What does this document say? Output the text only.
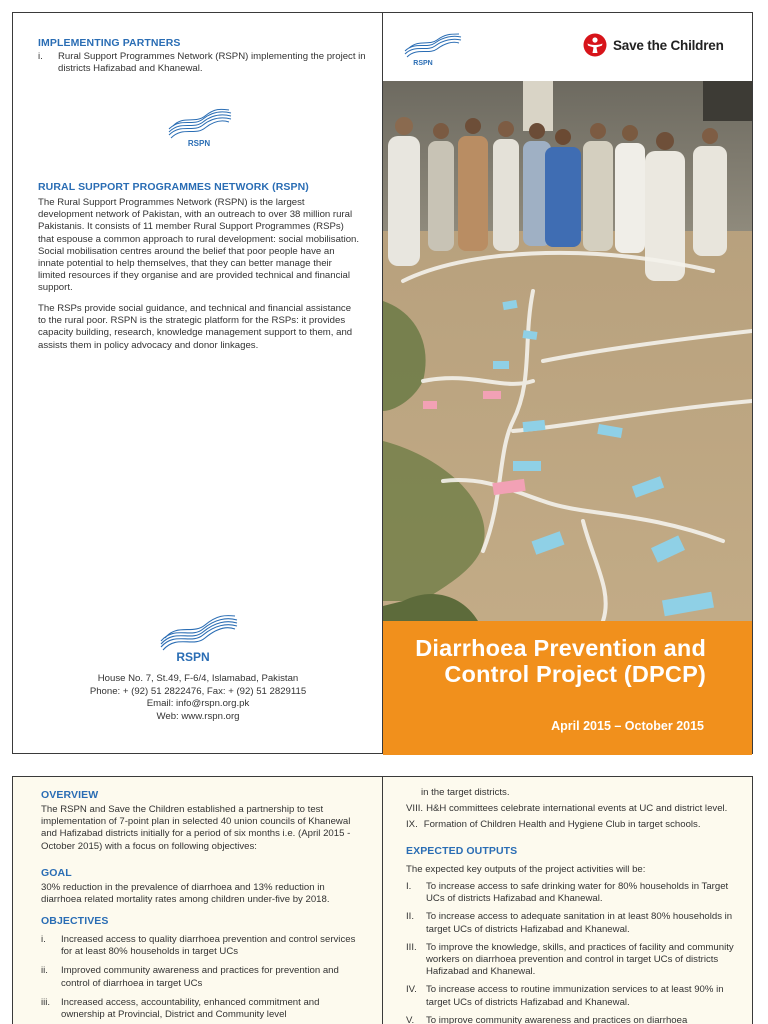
IMPLEMENTING PARTNERS
i.	Rural Support Programmes Network (RSPN) implementing the project in districts Hafizabad and Khanewal.
RSPN
RURAL SUPPORT PROGRAMMES NETWORK (RSPN)

The Rural Support Programmes Network (RSPN) is the largest development network of Pakistan, with an outreach to over 38 million rural Pakistanis. It consists of 11 member Rural Support Programmes (RSPs) that espouse a common approach to rural development: social mobilisation. Social mobilisation centres around the belief that poor people have an innate potential to help themselves, that they can better manage their limited resources if they organise and are provided technical and financial support.

The RSPs provide social guidance, and technical and financial assistance to the rural poor. RSPN is the strategic platform for the RSPs: it provides capacity building, research, knowledge management support to them, and assists them in policy advocacy and donor linkages.

RSPN
House No. 7, St.49, F-6/4, Islamabad, Pakistan
Phone: + (92) 51 2822476, Fax: + (92) 51 2829115
Email: info@rspn.org.pk
Web: www.rspn.org
RSPN
Save the Children
Diarrhoea Prevention and Control Project (DPCP)
April 2015 – October 2015
OVERVIEW

The RSPN and Save the Children established a partnership to test implementation of 7-point plan in selected 40 union councils of Khanewal and Hafizabad districts initially for a period of six months i.e. (April 2015 -October 2015) with a focus on following objectives:

GOAL

30% reduction in the prevalence of diarrhoea and 13% reduction in diarrhoea related mortality rates among children under-five by 2018.

OBJECTIVES
i.	Increased access to quality diarrhoea prevention and control services for at least 80% households in target UCs
ii.	Improved community awareness and practices for prevention and control of diarrhoea in target UCs
iii.	Increased access, accountability, enhanced commitment and ownership at Provincial, District and Community level

in the target districts.

VIII. H&H committees celebrate international events at UC and district level.
IX. Formation of Children Health and Hygiene Club in target schools.
EXPECTED OUTPUTS

The expected key outputs of the project activities will be:

I.	To increase access to safe drinking water for 80% households in Target UCs of districts Hafizabad and Khanewal.
II.	To increase access to adequate sanitation in at least 80% households in target UCs of districts Hafizabad and Khanewal.
III. To improve the knowledge, skills, and practices of facility and community workers on diarrhoea prevention and control in target UCs of districts Hafizabad and Khanewal.
IV. To increase access to routine immunization services to at least 90% in target UCs of districts Hafizabad and Khanewal.
V.	To improve community awareness and practices on diarrhoea
